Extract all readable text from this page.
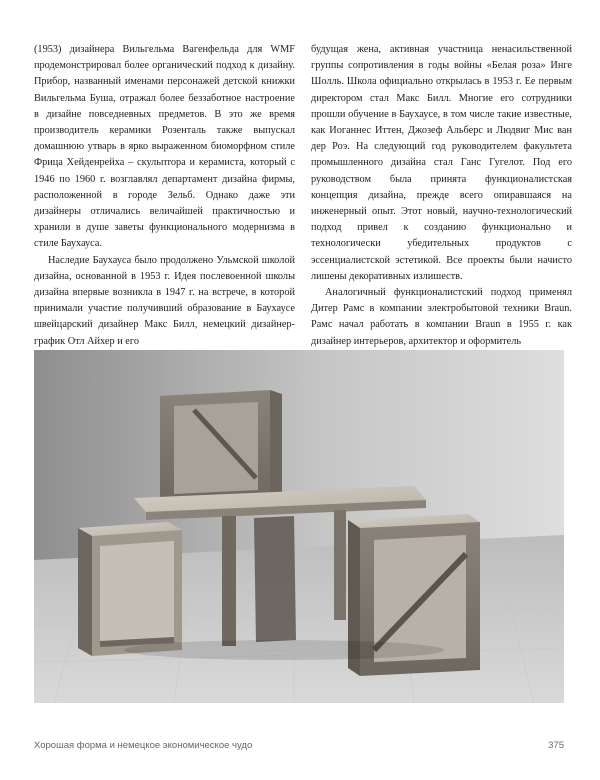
(1953) дизайнера Вильгельма Вагенфельда для WMF продемонстрировал более органический подход к дизайну. Прибор, названный именами персонажей детской книжки Вильгельма Буша, отражал более беззаботное настроение в дизайне повседневных предметов. В это же время производитель керамики Розенталь также выпускал домашнюю утварь в ярко выраженном биоморфном стиле Фрица Хейденрейха – скульптора и керамиста, который с 1946 по 1960 г. возглавлял департамент дизайна фирмы, расположенной в городе Зельб. Однако даже эти дизайнеры отличались величайшей практичностью и хранили в душе заветы функционального модернизма в стиле Баухауса.

Наследие Баухауса было продолжено Ульмской школой дизайна, основанной в 1953 г. Идея послевоенной школы дизайна впервые возникла в 1947 г. на встрече, в которой принимали участие получивший образование в Баухаусе швейцарский дизайнер Макс Билл, немецкий дизайнер-график Отл Айхер и его

будущая жена, активная участница ненасильственной группы сопротивления в годы войны «Белая роза» Инге Шолль. Школа официально открылась в 1953 г. Ее первым директором стал Макс Билл. Многие его сотрудники прошли обучение в Баухаусе, в том числе такие известные, как Иоганнес Иттен, Джозеф Альберс и Людвиг Мис ван дер Роэ. На следующий год руководителем факультета промышленного дизайна стал Ганс Гугелот. Под его руководством была принята функционалистская концепция дизайна, прежде всего опиравшаяся на инженерный опыт. Этот новый, научно-технологический подход привел к созданию функционально и технологически убедительных продуктов с эссенциалистской эстетикой. Все проекты были начисто лишены декоративных излишеств.

Аналогичный функционалистский подход применял Дитер Рамс в компании электробытовой техники Braun. Рамс начал работать в компании Braun в 1955 г. как дизайнер интерьеров, архитектор и оформитель

Хорошая форма и немецкое экономическое чудо	375
